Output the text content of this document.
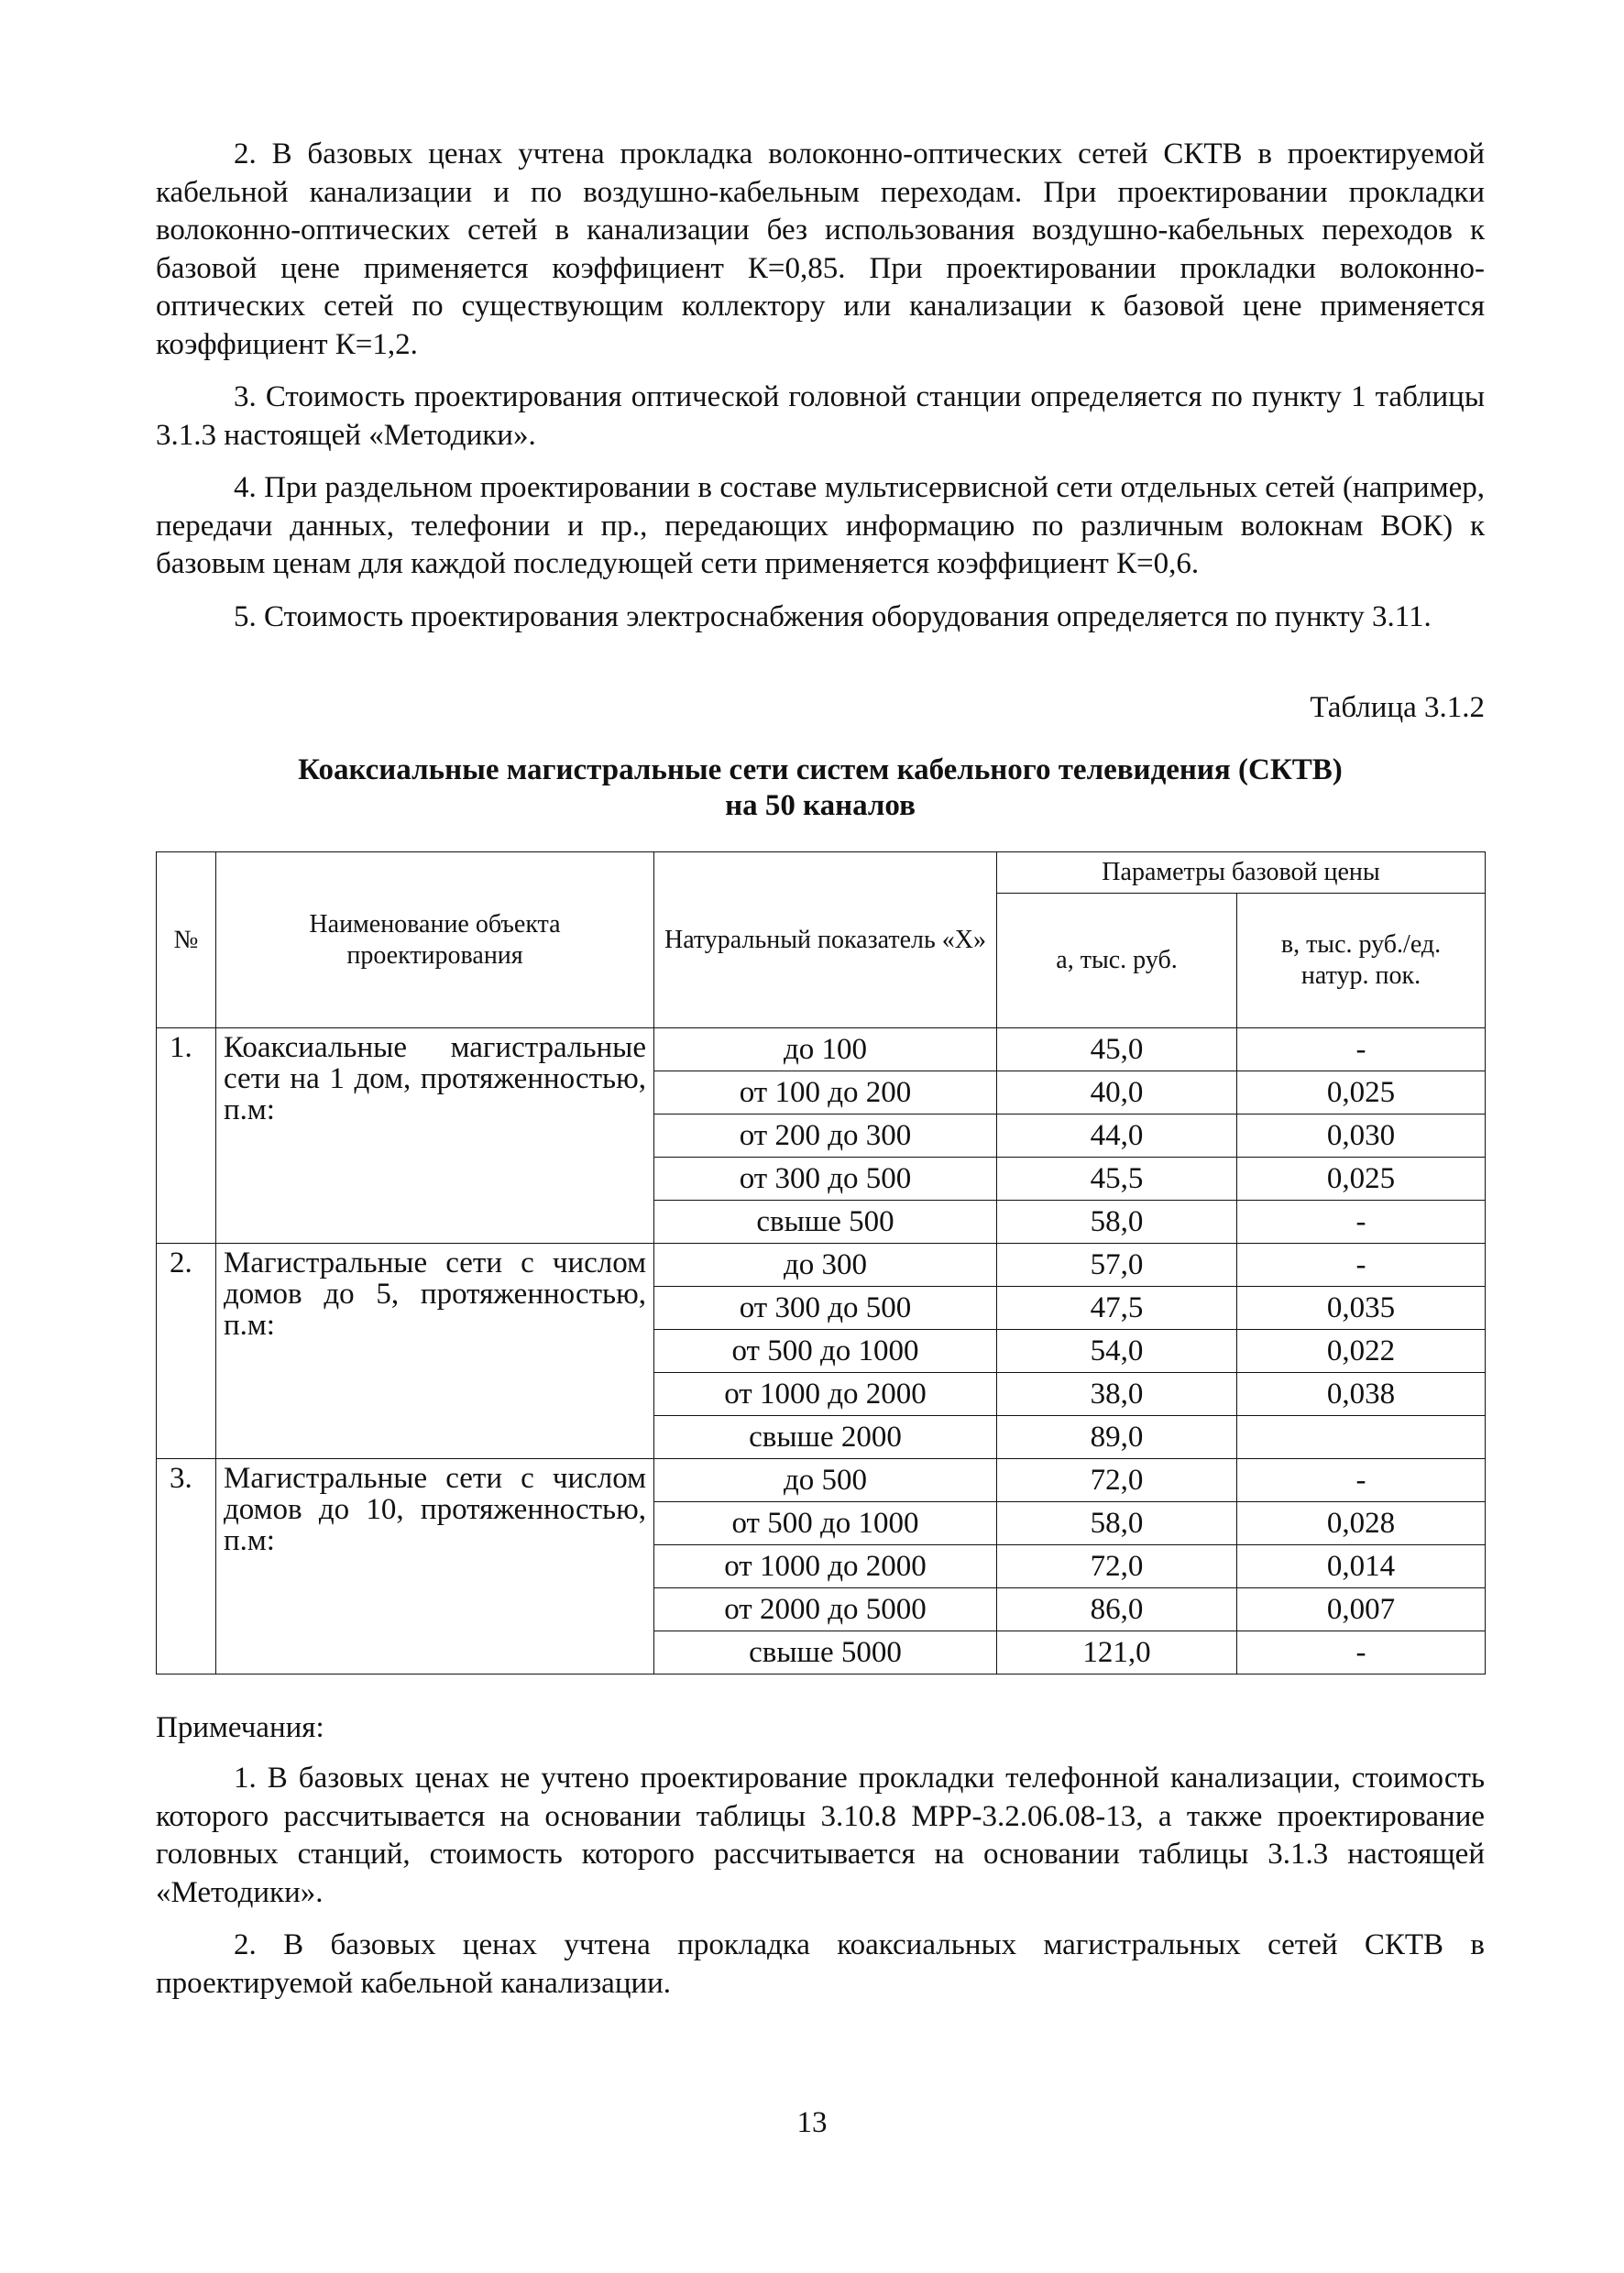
2. В базовых ценах учтена прокладка волоконно-оптических сетей СКТВ в проектируемой кабельной канализации и по воздушно-кабельным переходам. При проектировании прокладки волоконно-оптических сетей в канализации без использования воздушно-кабельных переходов к базовой цене применяется коэффициент К=0,85. При проектировании прокладки волоконно-оптических сетей по существующим коллектору или канализации к базовой цене применяется коэффициент К=1,2.

3. Стоимость проектирования оптической головной станции определяется по пункту 1 таблицы 3.1.3 настоящей «Методики».

4. При раздельном проектировании в составе мультисервисной сети отдельных сетей (например, передачи данных, телефонии и пр., передающих информацию по различным волокнам ВОК) к базовым ценам для каждой последующей сети применяется коэффициент К=0,6.

5. Стоимость проектирования электроснабжения оборудования определяется по пункту 3.11.

Таблица 3.1.2
Коаксиальные магистральные сети систем кабельного телевидения (СКТВ)
на 50 каналов
№	Наименование объекта проектирования	Натуральный показатель «X»	Параметры базовой цены	
			а, тыс. руб.	в, тыс. руб./ед. натур. пок.
1.	Коаксиальные магистральные сети на 1 дом, протяженностью, п.м:	до 100	45,0	-
		от 100 до 200	40,0	0,025
		от 200 до 300	44,0	0,030
		от 300 до 500	45,5	0,025
		свыше 500	58,0	-
2.	Магистральные сети с числом домов до 5, протяженностью, п.м:	до 300	57,0	-
		от 300 до 500	47,5	0,035
		от 500 до 1000	54,0	0,022
		от 1000 до 2000	38,0	0,038
		свыше 2000	89,0	
3.	Магистральные сети с числом домов до 10, протяженностью, п.м:	до 500	72,0	-
		от 500 до 1000	58,0	0,028
		от 1000 до 2000	72,0	0,014
		от 2000 до 5000	86,0	0,007
		свыше 5000	121,0	-
Примечания:

1. В базовых ценах не учтено проектирование прокладки телефонной канализации, стоимость которого рассчитывается на основании таблицы 3.10.8 МРР-3.2.06.08-13, а также проектирование головных станций, стоимость которого рассчитывается на основании таблицы 3.1.3 настоящей «Методики».

2. В базовых ценах учтена прокладка коаксиальных магистральных сетей СКТВ в проектируемой кабельной канализации.

13
